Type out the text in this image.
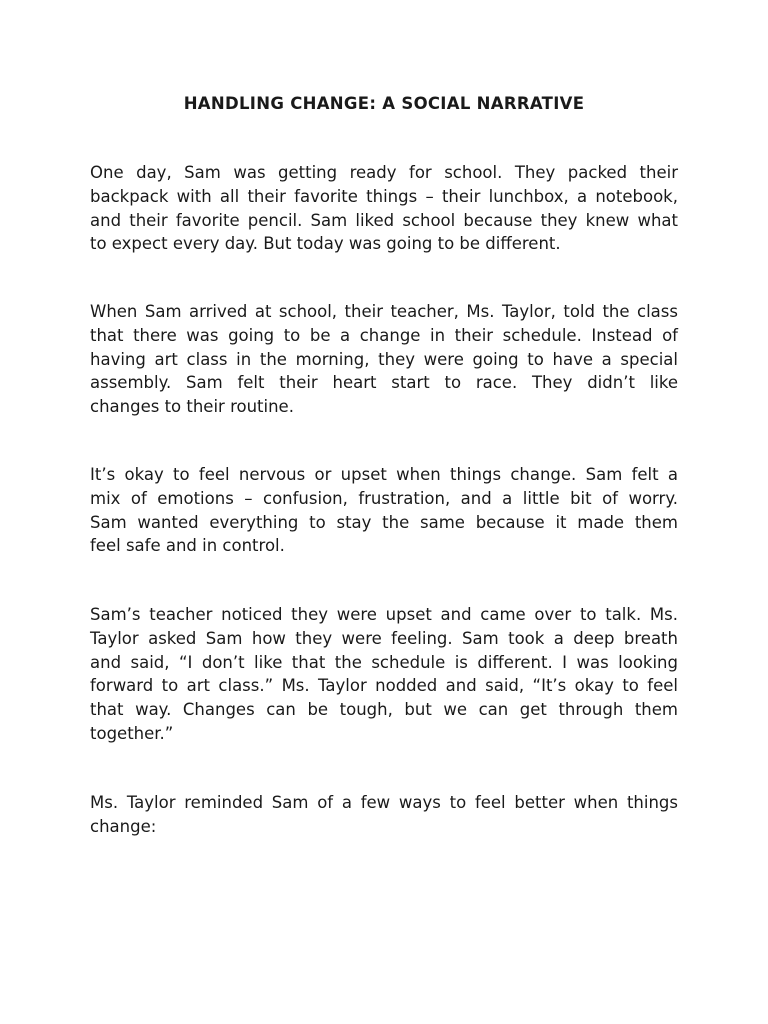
HANDLING CHANGE: A SOCIAL NARRATIVE

One day, Sam was getting ready for school. They packed their
backpack with all their favorite things – their lunchbox, a notebook,
and their favorite pencil. Sam liked school because they knew what
to expect every day. But today was going to be different.

When Sam arrived at school, their teacher, Ms. Taylor, told the class
that there was going to be a change in their schedule. Instead of
having art class in the morning, they were going to have a special
assembly. Sam felt their heart start to race. They didn’t like
changes to their routine.

It’s okay to feel nervous or upset when things change. Sam felt a
mix of emotions – confusion, frustration, and a little bit of worry.
Sam wanted everything to stay the same because it made them
feel safe and in control.

Sam’s teacher noticed they were upset and came over to talk. Ms.
Taylor asked Sam how they were feeling. Sam took a deep breath
and said, “I don’t like that the schedule is different. I was looking
forward to art class.” Ms. Taylor nodded and said, “It’s okay to feel
that way. Changes can be tough, but we can get through them
together.”

Ms. Taylor reminded Sam of a few ways to feel better when things
change:
